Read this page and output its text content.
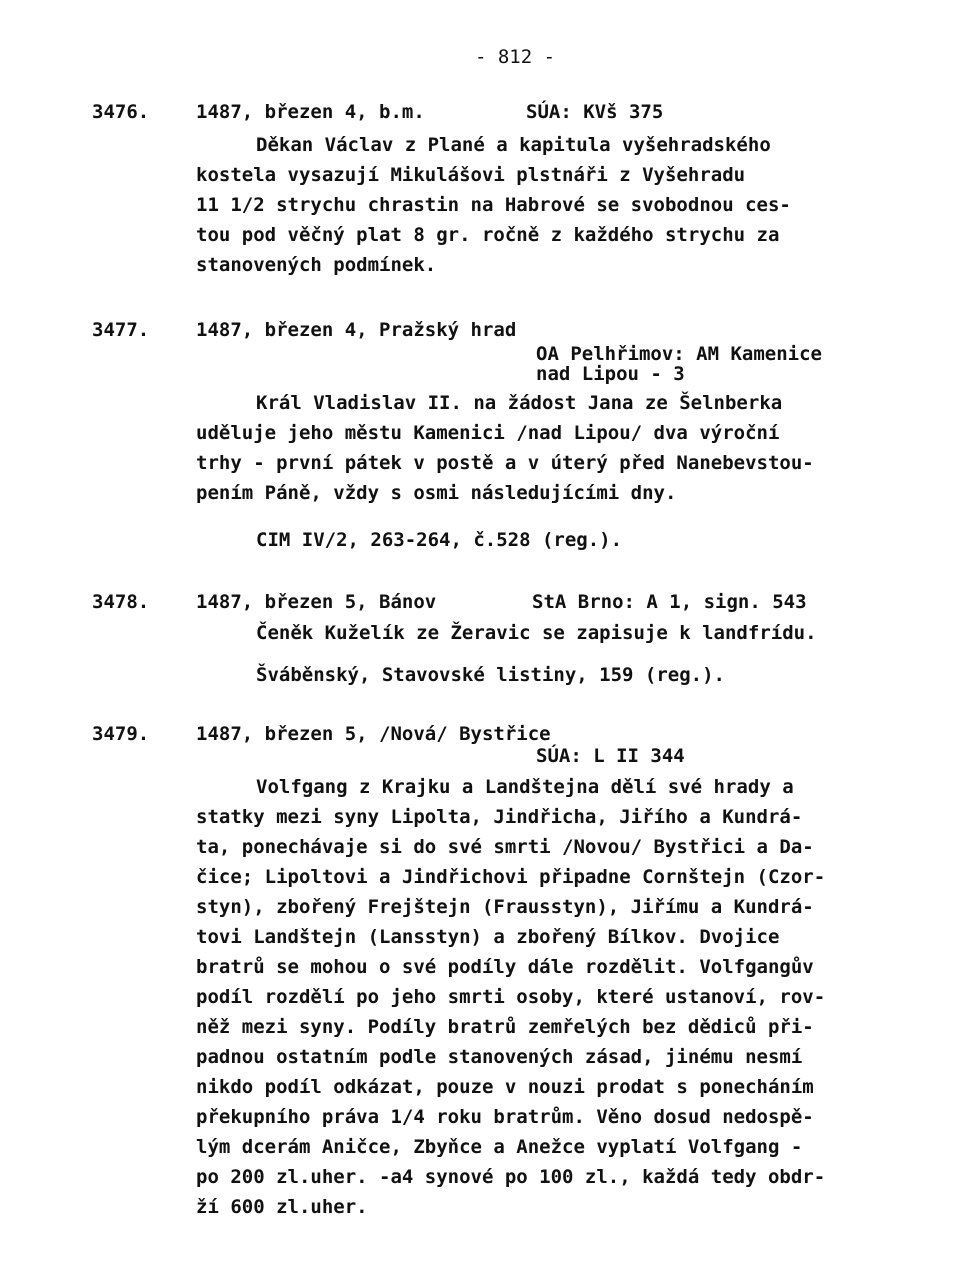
- 812 -
3476. 1487, březen 4, b.m.	SÚA: KVš 375
Děkan Václav z Plané a kapitula vyšehradského
kostela vysazují Mikulášovi plstnáři z Vyšehradu
11 1/2 strychu chrastin na Habrové se svobodnou ces-
tou pod věčný plat 8 gr. ročně z každého strychu za
stanovených podmínek.
3477. 1487, březen 4, Pražský hrad
OA Pelhřimov: AM Kamenice
nad Lipou - 3
Král Vladislav II. na žádost Jana ze Šelnberka
uděluje jeho městu Kamenici /nad Lipou/ dva výroční
trhy - první pátek v postě a v úterý před Nanebevstou-
pením Páně, vždy s osmi následujícími dny.
CIM IV/2, 263-264, č.528 (reg.).
3478. 1487, březen 5, Bánov	StA Brno: A 1, sign. 543
Čeněk Kuželík ze Žeravic se zapisuje k landfrídu.
Šváběnský, Stavovské listiny, 159 (reg.).
3479. 1487, březen 5, /Nová/ Bystřice
SÚA: L II 344
Volfgang z Krajku a Landštejna dělí své hrady a
statky mezi syny Lipolta, Jindřicha, Jiřího a Kundrá-
ta, ponechávaje si do své smrti /Novou/ Bystřici a Da-
čice; Lipoltovi a Jindřichovi připadne Cornštejn (Czor-
styn), zbořený Frejštejn (Frausstyn), Jiřímu a Kundrá-
tovi Landštejn (Lansstyn) a zbořený Bílkov. Dvojice
bratrů se mohou o své podíly dále rozdělit. Volfgangův
podíl rozdělí po jeho smrti osoby, které ustanoví, rov-
něž mezi syny. Podíly bratrů zemřelých bez dědiců při-
padnou ostatním podle stanovených zásad, jinému nesmí
nikdo podíl odkázat, pouze v nouzi prodat s ponecháním
překupního práva 1/4 roku bratrům. Věno dosud nedospě-
lým dcerám Aničce, Zbyňce a Anežce vyplatí Volfgang -
po 200 zl.uher. -a4 synové po 100 zl., každá tedy obdr-
ží 600 zl.uher.
